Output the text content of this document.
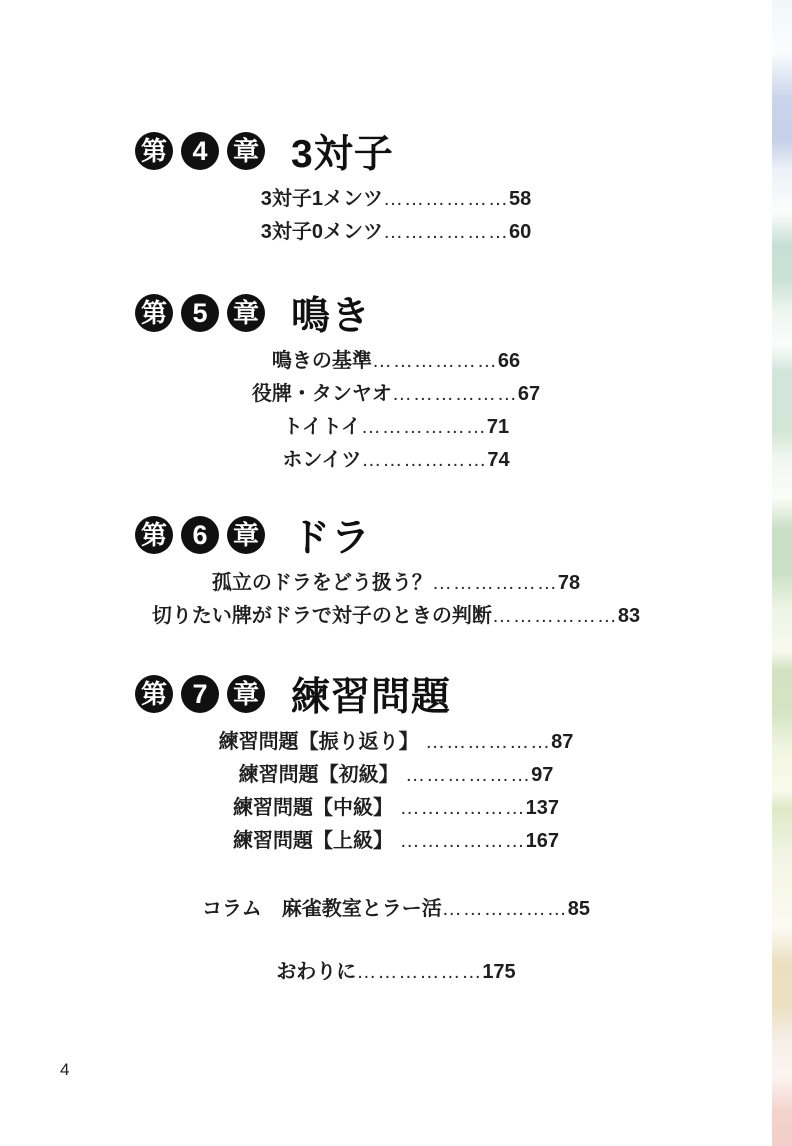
第 4 章 3対子
3対子1メンツ………………58
3対子0メンツ………………60
第 5 章 鳴き
鳴きの基準………………66
役牌・タンヤオ………………67
トイトイ………………71
ホンイツ………………74
第 6 章 ドラ
孤立のドラをどう扱う？………………78
切りたい牌がドラで対子のときの判断………………83
第 7 章 練習問題
練習問題【振り返り】 ………………87
練習問題【初級】 ………………97
練習問題【中級】 ………………137
練習問題【上級】 ………………167
コラム　麻雀教室とラー活………………85
おわりに………………175
4
